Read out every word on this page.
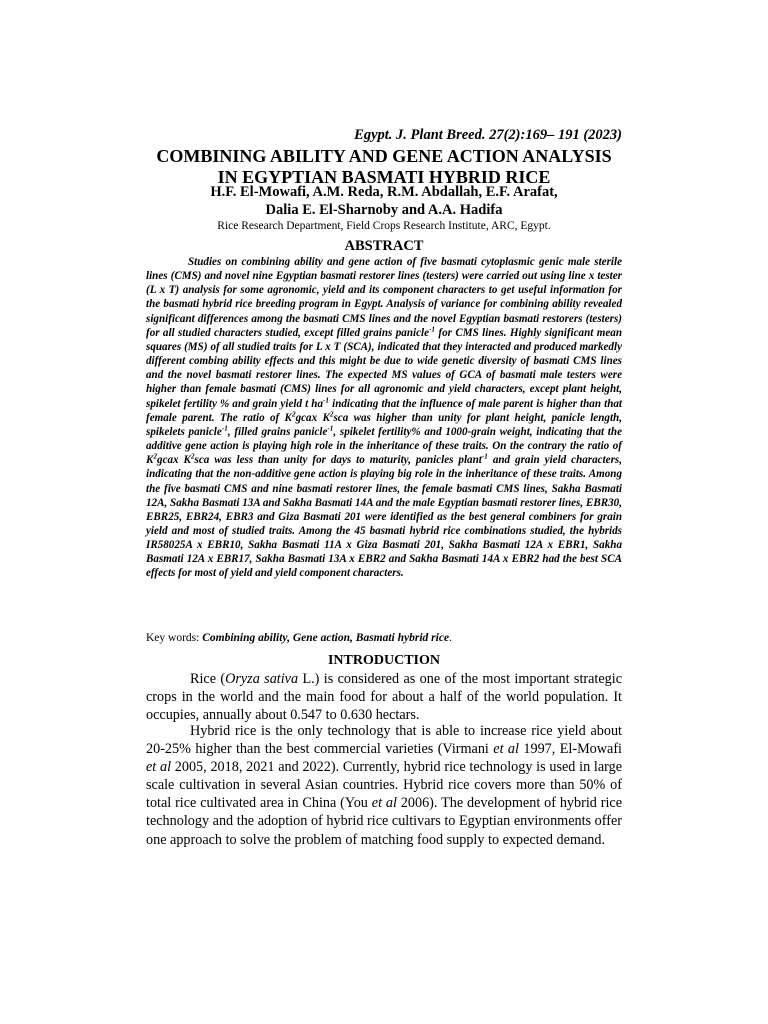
Egypt. J. Plant Breed. 27(2):169– 191 (2023)
COMBINING ABILITY AND GENE ACTION ANALYSIS
IN EGYPTIAN BASMATI HYBRID RICE
H.F. El-Mowafi, A.M. Reda, R.M. Abdallah, E.F. Arafat,
Dalia E. El-Sharnoby and A.A. Hadifa
Rice Research Department, Field Crops Research Institute, ARC, Egypt.
ABSTRACT

Studies on combining ability and gene action of five basmati cytoplasmic genic male sterile lines (CMS) and novel nine Egyptian basmati restorer lines (testers) were carried out using line x tester (L x T) analysis for some agronomic, yield and its component characters to get useful information for the basmati hybrid rice breeding program in Egypt. Analysis of variance for combining ability revealed significant differences among the basmati CMS lines and the novel Egyptian basmati restorers (testers) for all studied characters studied, except filled grains panicle$^{-1}$ for CMS lines. Highly significant mean squares (MS) of all studied traits for L x T (SCA), indicated that they interacted and produced markedly different combing ability effects and this might be due to wide genetic diversity of basmati CMS lines and the novel basmati restorer lines. The expected MS values of GCA of basmati male testers were higher than female basmati (CMS) lines for all agronomic and yield characters, except plant height, spikelet fertility % and grain yield t $ha^{-1}$ indicating that the influence of male parent is higher than that female parent. The ratio of $K^2gcax$ $K^2sca$ was higher than unity for plant height, panicle length, spikelets panicle$^{-1}$, filled grains panicle$^{-1}$, spikelet fertility% and 1000-grain weight, indicating that the additive gene action is playing high role in the inheritance of these traits. On the contrary the ratio of $K^2gcax$ $K^2sca$ was less than unity for days to maturity, panicles plant$^{-1}$ and grain yield characters, indicating that the non-additive gene action is playing big role in the inheritance of these traits. Among the five basmati CMS and nine basmati restorer lines, the female basmati CMS lines, Sakha Basmati 12A, Sakha Basmati 13A and Sakha Basmati 14A and the male Egyptian basmati restorer lines, EBR30, EBR25, EBR24, EBR3 and Giza Basmati 201 were identified as the best general combiners for grain yield and most of studied traits. Among the 45 basmati hybrid rice combinations studied, the hybrids IR58025A x EBR10, Sakha Basmati 11A x Giza Basmati 201, Sakha Basmati 12A x EBR1, Sakha Basmati 12A x EBR17, Sakha Basmati 13A x EBR2 and Sakha Basmati 14A x EBR2 had the best SCA effects for most of yield and yield component characters.

Key words: Combining ability, Gene action, Basmati hybrid rice.
INTRODUCTION

Rice (Oryza sativa L.) is considered as one of the most important strategic crops in the world and the main food for about a half of the world population. It occupies, annually about 0.547 to 0.630 hectars.

Hybrid rice is the only technology that is able to increase rice yield about 20-25% higher than the best commercial varieties (Virmani et al 1997, El-Mowafi et al 2005, 2018, 2021 and 2022). Currently, hybrid rice technology is used in large scale cultivation in several Asian countries. Hybrid rice covers more than 50% of total rice cultivated area in China (You et al 2006). The development of hybrid rice technology and the adoption of hybrid rice cultivars to Egyptian environments offer one approach to solve the problem of matching food supply to expected demand.
